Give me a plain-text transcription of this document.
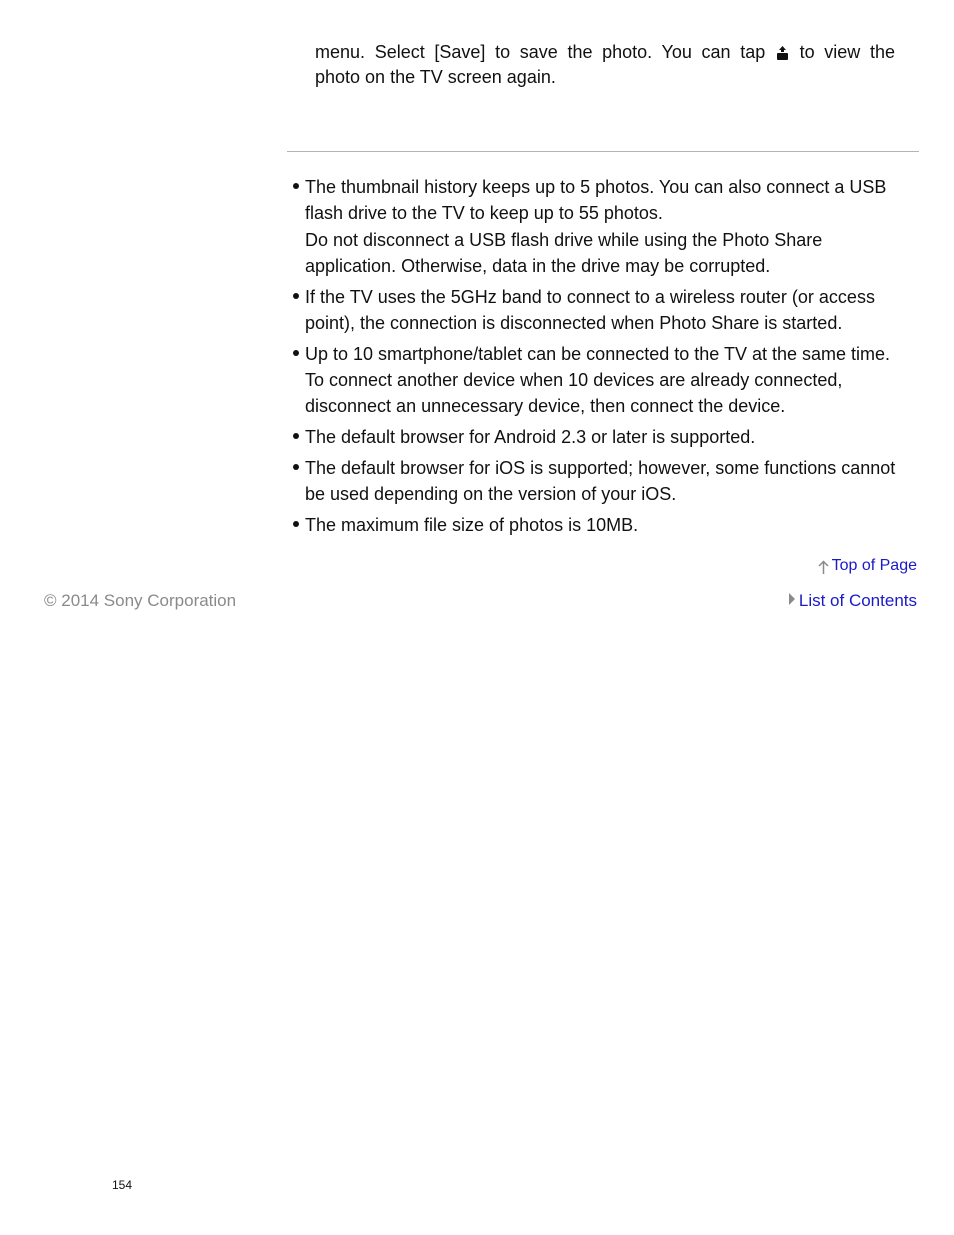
menu. Select [Save] to save the photo. You can tap to view the
photo on the TV screen again.
The thumbnail history keeps up to 5 photos. You can also connect a USB
flash drive to the TV to keep up to 55 photos.
Do not disconnect a USB flash drive while using the Photo Share
application. Otherwise, data in the drive may be corrupted.
If the TV uses the 5GHz band to connect to a wireless router (or access
point), the connection is disconnected when Photo Share is started.
Up to 10 smartphone/tablet can be connected to the TV at the same time.
To connect another device when 10 devices are already connected,
disconnect an unnecessary device, then connect the device.
The default browser for Android 2.3 or later is supported.
The default browser for iOS is supported; however, some functions cannot
be used depending on the version of your iOS.
The maximum file size of photos is 10MB.
Top of Page
© 2014 Sony Corporation	List of Contents
154
